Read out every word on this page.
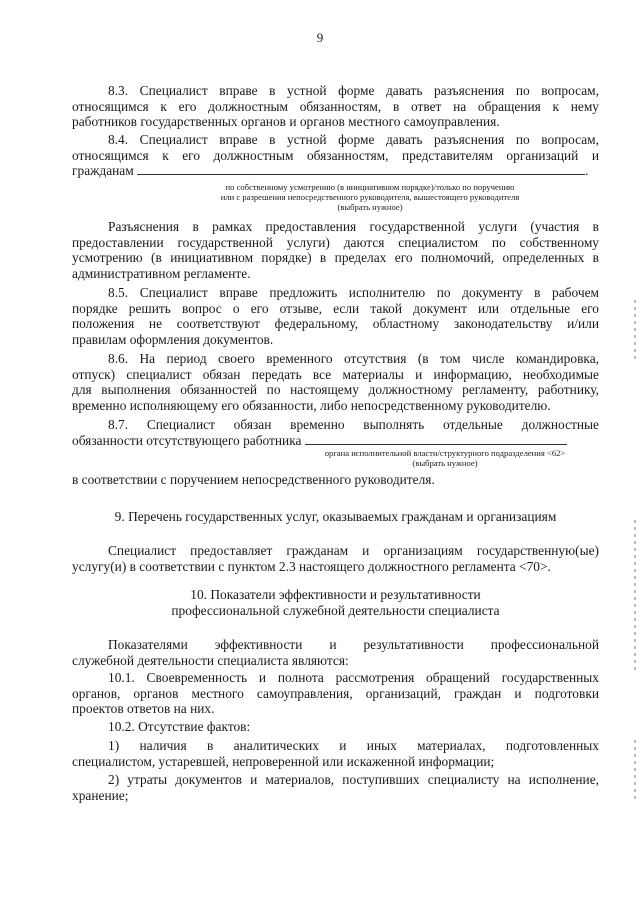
9
8.3. Специалист вправе в устной форме давать разъяснения по вопросам,
относящимся к его должностным обязанностям, в ответ на обращения к нему
работников государственных органов и органов местного самоуправления.
8.4. Специалист вправе в устной форме давать разъяснения по вопросам,
относящимся к его должностным обязанностям, представителям организаций и
гражданам	.
по собственному усмотрению (в инициативном порядке)/только по поручению
или с разрешения непосредственного руководителя, вышестоящего руководителя
(выбрать нужное)
Разъяснения в рамках предоставления государственной услуги (участия в
предоставлении государственной услуги) даются специалистом по собственному
усмотрению (в инициативном порядке) в пределах его полномочий, определенных в
административном регламенте.
8.5. Специалист вправе предложить исполнителю по документу в рабочем
порядке решить вопрос о его отзыве, если такой документ или отдельные его
положения не соответствуют федеральному, областному законодательству и/или
правилам оформления документов.
8.6. На период своего временного отсутствия (в том числе командировка,
отпуск) специалист обязан передать все материалы и информацию, необходимые
для выполнения обязанностей по настоящему должностному регламенту, работнику,
временно исполняющему его обязанности, либо непосредственному руководителю.
8.7. Специалист обязан временно выполнять отдельные должностные
обязанности отсутствующего работника
органа исполнительной власти/структурного подразделения <62>
(выбрать нужное)
в соответствии с поручением непосредственного руководителя.
9. Перечень государственных услуг, оказываемых гражданам и организациям
Специалист предоставляет гражданам и организациям государственную(ые)
услугу(и) в соответствии с пунктом 2.3 настоящего должностного регламента <70>.
10. Показатели эффективности и результативности
профессиональной служебной деятельности специалиста
Показателями эффективности и результативности профессиональной
служебной деятельности специалиста являются:
10.1. Своевременность и полнота рассмотрения обращений государственных
органов, органов местного самоуправления, организаций, граждан и подготовки
проектов ответов на них.
10.2. Отсутствие фактов:
1) наличия в аналитических и иных материалах, подготовленных
специалистом, устаревшей, непроверенной или искаженной информации;
2) утраты документов и материалов, поступивших специалисту на исполнение,
хранение;
